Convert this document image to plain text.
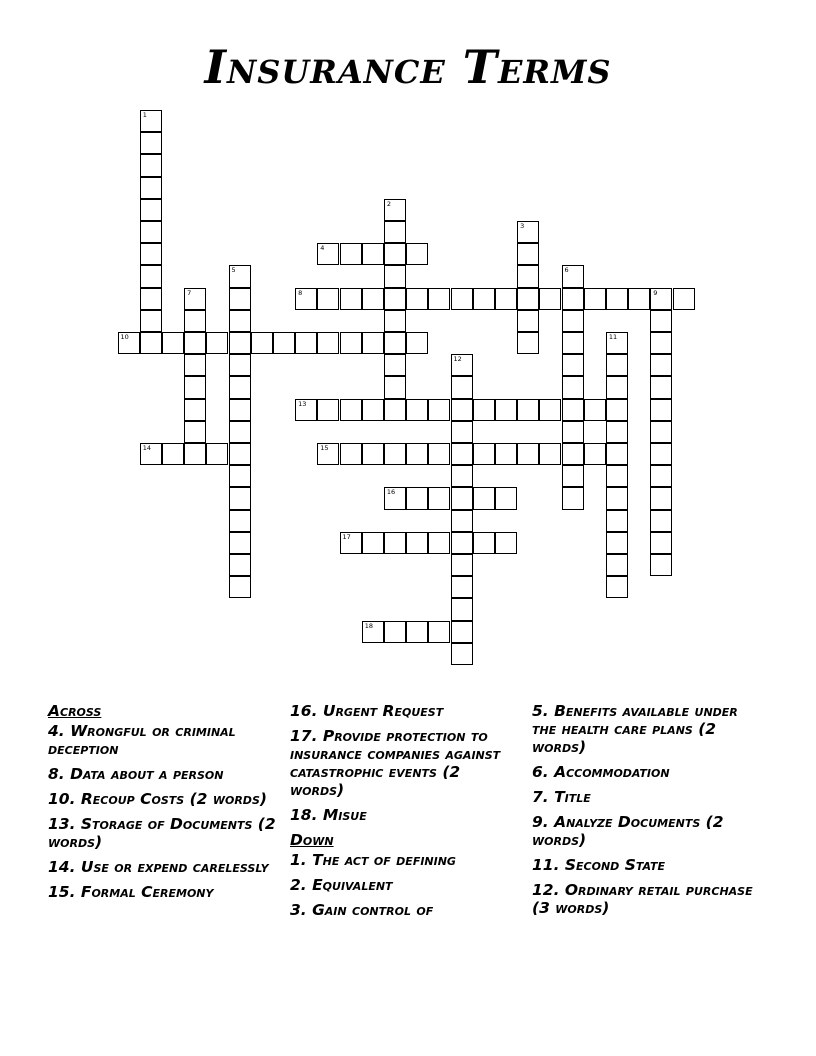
Insurance Terms
1
2
3
4
5	6
7	8	9
10	11
12
13
14	15
16
17
18
Across
4. Wrongful or criminal deception
8. Data about a person
10. Recoup Costs (2 words)
13. Storage of Documents (2 words)
14. Use or expend carelessly
15. Formal Ceremony
16. Urgent Request
17. Provide protection to insurance companies against catastrophic events (2 words)
18. Misue
Down
1. The act of defining
2. Equivalent
3. Gain control of
5. Benefits available under the health care plans (2 words)
6. Accommodation
7. Title
9. Analyze Documents (2 words)
11. Second State
12. Ordinary retail purchase (3 words)
